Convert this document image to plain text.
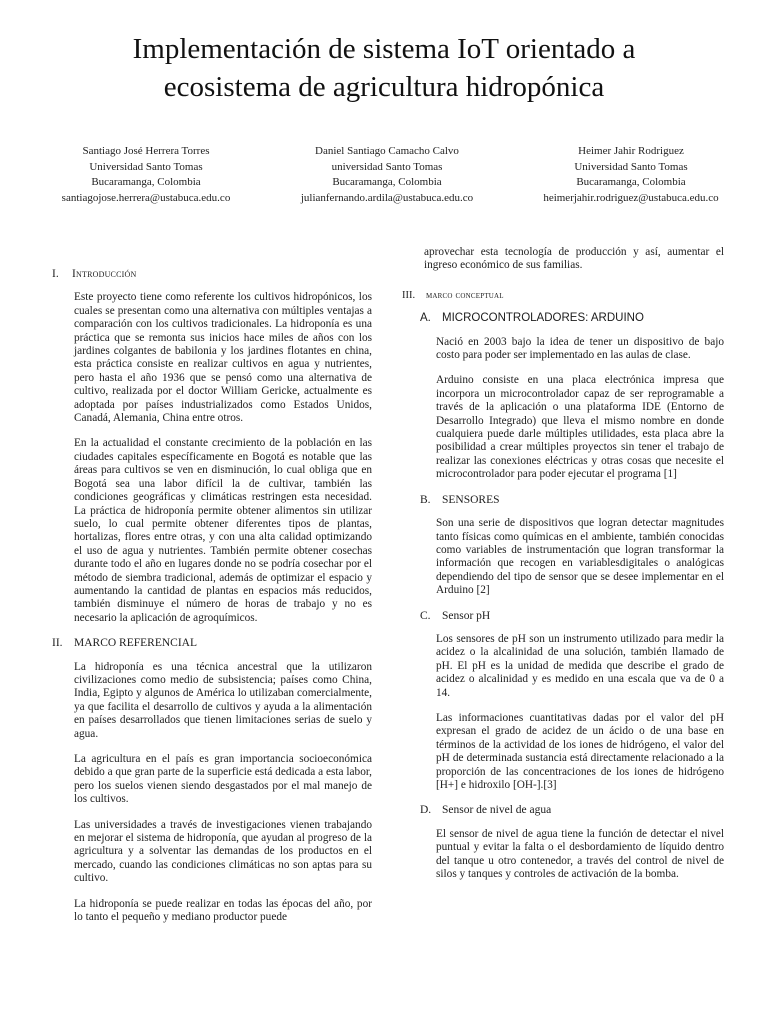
Implementación de sistema IoT orientado a
ecosistema de agricultura hidropónica
Santiago José Herrera Torres
Universidad Santo Tomas
Bucaramanga, Colombia
santiagojose.herrera@ustabuca.edu.co
Daniel Santiago Camacho Calvo
universidad Santo Tomas
Bucaramanga, Colombia
julianfernando.ardila@ustabuca.edu.co
Heimer Jahir Rodriguez
Universidad Santo Tomas
Bucaramanga, Colombia
heimerjahir.rodriguez@ustabuca.edu.co
I.	Introducción

Este proyecto tiene como referente los cultivos hidropónicos, los cuales se presentan como una alternativa con múltiples ventajas a comparación con los cultivos tradicionales. La hidroponía es una práctica que se remonta sus inicios hace miles de años con los jardines colgantes de babilonia y los jardines flotantes en china, esta práctica consiste en realizar cultivos en agua y nutrientes, pero hasta el año 1936 que se pensó como una alternativa de cultivo, realizada por el doctor William Gericke, actualmente es adoptada por países industrializados como Estados Unidos, Canadá, Alemania, China entre otros.

En la actualidad el constante crecimiento de la población en las ciudades capitales específicamente en Bogotá es notable que las áreas para cultivos se ven en disminución, lo cual obliga que en Bogotá sea una labor difícil la de cultivar, también las condiciones geográficas y climáticas restringen esta necesidad. La práctica de hidroponía permite obtener alimentos sin utilizar suelo, lo cual permite obtener diferentes tipos de plantas, hortalizas, flores entre otras, y con una alta calidad optimizando el uso de agua y nutrientes. También permite obtener cosechas durante todo el año en lugares donde no se podría cosechar por el método de siembra tradicional, además de optimizar el espacio y aumentando la cantidad de plantas en espacios más reducidos, también disminuye el número de horas de trabajo y no es necesario la aplicación de agroquímicos.

II. MARCO REFERENCIAL

La hidroponía es una técnica ancestral que la utilizaron civilizaciones como medio de subsistencia; países como China, India, Egipto y algunos de América lo utilizaban comercialmente, ya que facilita el desarrollo de cultivos y ayuda a la alimentación en países desarrollados que tienen limitaciones serias de suelo y agua.

La agricultura en el país es gran importancia socioeconómica debido a que gran parte de la superficie está dedicada a esta labor, pero los suelos vienen siendo desgastados por el mal manejo de los cultivos.

Las universidades a través de investigaciones vienen trabajando en mejorar el sistema de hidroponía, que ayudan al progreso de la agricultura y a solventar las demandas de los productos en el mercado, cuando las condiciones climáticas no son aptas para su cultivo.

La hidroponía se puede realizar en todas las épocas del año, por lo tanto el pequeño y mediano productor puede

aprovechar esta tecnología de producción y así, aumentar el ingreso económico de sus familias.

III.	marco conceptual
A. MICROCONTROLADORES: ARDUINO

Nació en 2003 bajo la idea de tener un dispositivo de bajo costo para poder ser implementado en las aulas de clase.

Arduino consiste en una placa electrónica impresa que incorpora un microcontrolador capaz de ser reprogramable a través de la aplicación o una plataforma IDE (Entorno de Desarrollo Integrado) que lleva el mismo nombre en donde cualquiera puede darle múltiples utilidades, esta placa abre la posibilidad a crear múltiples proyectos sin tener el trabajo de realizar las conexiones eléctricas y otras cosas que necesite el microcontrolador para poder ejecutar el programa [1]

B. SENSORES

Son una serie de dispositivos que logran detectar magnitudes tanto físicas como químicas en el ambiente, también conocidas como variables de instrumentación que logran transformar la información que recogen en variablesdigitales o analógicas dependiendo del tipo de sensor que se desee implementar en el Arduino [2]

C. Sensor pH

Los sensores de pH son un instrumento utilizado para medir la acidez o la alcalinidad de una solución, también llamado de pH. El pH es la unidad de medida que describe el grado de acidez o alcalinidad y es medido en una escala que va de 0 a 14.

Las informaciones cuantitativas dadas por el valor del pH expresan el grado de acidez de un ácido o de una base en términos de la actividad de los iones de hidrógeno, el valor del pH de determinada sustancia está directamente relacionado a la proporción de las concentraciones de los iones de hidrógeno [H+] e hidroxilo [OH-].[3]

D. Sensor de nivel de agua

El sensor de nivel de agua tiene la función de detectar el nivel puntual y evitar la falta o el desbordamiento de líquido dentro del tanque u otro contenedor, a través del control de nivel de silos y tanques y controles de activación de la bomba.
